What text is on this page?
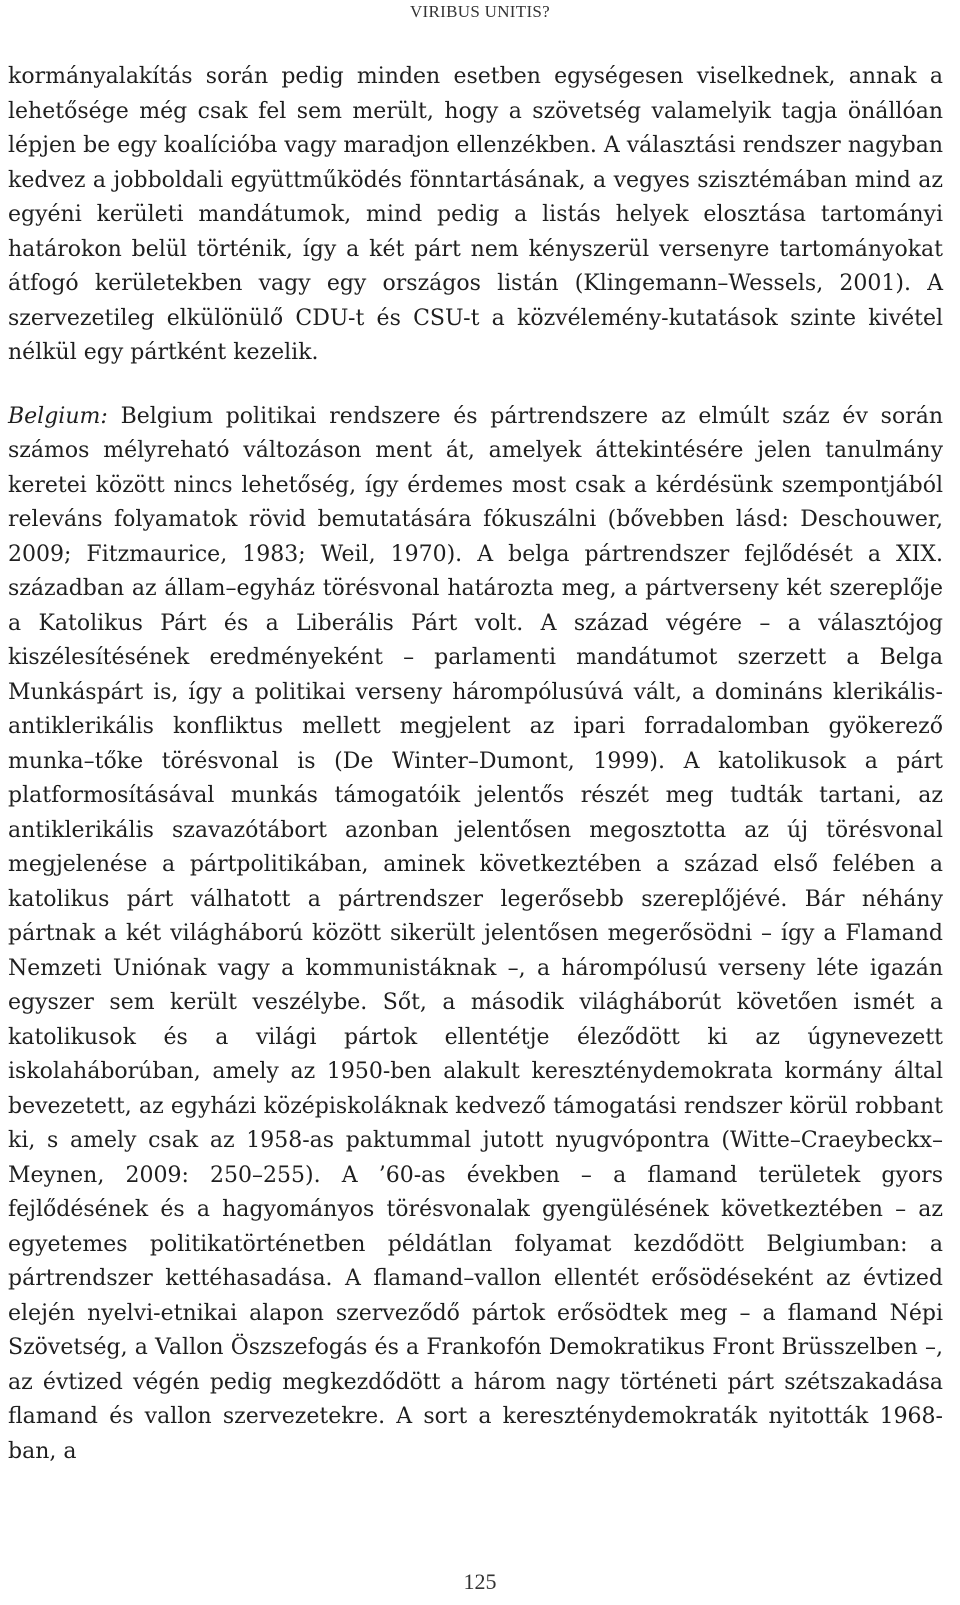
VIRIBUS UNITIS?

kormányalakítás során pedig minden esetben egységesen viselkednek, annak a lehetősége még csak fel sem merült, hogy a szövetség valamelyik tagja önállóan lépjen be egy koalícióba vagy maradjon ellenzékben. A választási rendszer nagyban kedvez a jobboldali együttműködés fönntartásának, a vegyes szisztémában mind az egyéni kerületi mandátumok, mind pedig a listás helyek elosztása tartományi határokon belül történik, így a két párt nem kényszerül versenyre tartományokat átfogó kerületekben vagy egy országos listán (Klingemann–Wessels, 2001). A szervezetileg elkülönülő CDU-t és CSU-t a közvélemény-kutatások szinte kivétel nélkül egy pártként kezelik.

Belgium: Belgium politikai rendszere és pártrendszere az elmúlt száz év során számos mélyreható változáson ment át, amelyek áttekintésére jelen tanulmány keretei között nincs lehetőség, így érdemes most csak a kérdésünk szempontjából releváns folyamatok rövid bemutatására fókuszálni (bővebben lásd: Deschouwer, 2009; Fitzmaurice, 1983; Weil, 1970). A belga pártrendszer fejlődését a XIX. században az állam–egyház törésvonal határozta meg, a pártverseny két szereplője a Katolikus Párt és a Liberális Párt volt. A század végére – a választójog kiszélesítésének eredményeként – parlamenti mandátumot szerzett a Belga Munkáspárt is, így a politikai verseny hárompólusúvá vált, a domináns klerikális-antiklerikális konfliktus mellett megjelent az ipari forradalomban gyökerező munka–tőke törésvonal is (De Winter–Dumont, 1999). A katolikusok a párt platformosításával munkás támogatóik jelentős részét meg tudták tartani, az antiklerikális szavazótábort azonban jelentősen megosztotta az új törésvonal megjelenése a pártpolitikában, aminek következtében a század első felében a katolikus párt válhatott a pártrendszer legerősebb szereplőjévé. Bár néhány pártnak a két világháború között sikerült jelentősen megerősödni – így a Flamand Nemzeti Uniónak vagy a kommunistáknak –, a hárompólusú verseny léte igazán egyszer sem került veszélybe. Sőt, a második világháborút követően ismét a katolikusok és a világi pártok ellentétje éleződött ki az úgynevezett iskolaháborúban, amely az 1950-ben alakult kereszténydemokrata kormány által bevezetett, az egyházi középiskoláknak kedvező támogatási rendszer körül robbant ki, s amely csak az 1958-as paktummal jutott nyugvópontra (Witte–Craeybeckx–Meynen, 2009: 250–255). A ’60-as években – a flamand területek gyors fejlődésének és a hagyományos törésvonalak gyengülésének következtében – az egyetemes politikatörténetben példátlan folyamat kezdődött Belgiumban: a pártrendszer kettéhasadása. A flamand–vallon ellentét erősödéseként az évtized elején nyelvi-etnikai alapon szerveződő pártok erősödtek meg – a flamand Népi Szövetség, a Vallon Öszszefogás és a Frankofón Demokratikus Front Brüsszelben –, az évtized végén pedig megkezdődött a három nagy történeti párt szétszakadása flamand és vallon szervezetekre. A sort a kereszténydemokraták nyitották 1968-ban, a

125
